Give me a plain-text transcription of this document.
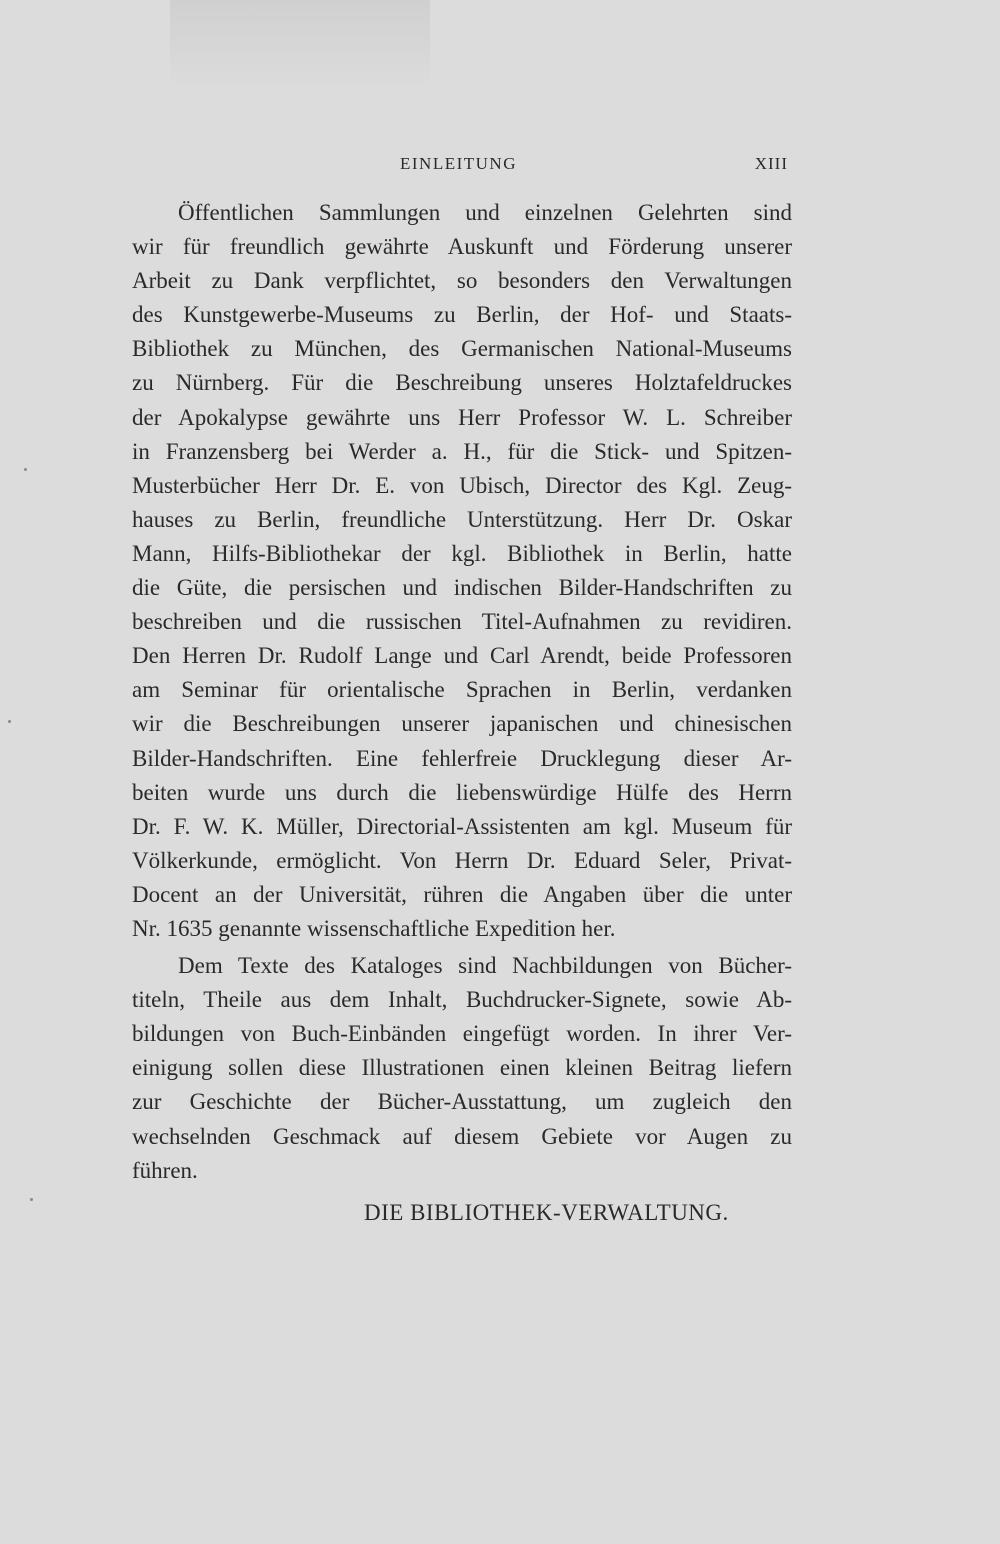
EINLEITUNG	XIII
Öffentlichen Sammlungen und einzelnen Gelehrten sind
wir für freundlich gewährte Auskunft und Förderung unserer
Arbeit zu Dank verpflichtet, so besonders den Verwaltungen
des Kunstgewerbe-Museums zu Berlin, der Hof- und Staats-
Bibliothek zu München, des Germanischen National-Museums
zu Nürnberg. Für die Beschreibung unseres Holztafeldruckes
der Apokalypse gewährte uns Herr Professor W. L. Schreiber
in Franzensberg bei Werder a. H., für die Stick- und Spitzen-
Musterbücher Herr Dr. E. von Ubisch, Director des Kgl. Zeug-
hauses zu Berlin, freundliche Unterstützung. Herr Dr. Oskar
Mann, Hilfs-Bibliothekar der kgl. Bibliothek in Berlin, hatte
die Güte, die persischen und indischen Bilder-Handschriften zu
beschreiben und die russischen Titel-Aufnahmen zu revidiren.
Den Herren Dr. Rudolf Lange und Carl Arendt, beide Professoren
am Seminar für orientalische Sprachen in Berlin, verdanken
wir die Beschreibungen unserer japanischen und chinesischen
Bilder-Handschriften. Eine fehlerfreie Drucklegung dieser Ar-
beiten wurde uns durch die liebenswürdige Hülfe des Herrn
Dr. F. W. K. Müller, Directorial-Assistenten am kgl. Museum für
Völkerkunde, ermöglicht. Von Herrn Dr. Eduard Seler, Privat-
Docent an der Universität, rühren die Angaben über die unter
Nr. 1635 genannte wissenschaftliche Expedition her.
Dem Texte des Kataloges sind Nachbildungen von Bücher-
titeln, Theile aus dem Inhalt, Buchdrucker-Signete, sowie Ab-
bildungen von Buch-Einbänden eingefügt worden. In ihrer Ver-
einigung sollen diese Illustrationen einen kleinen Beitrag liefern
zur Geschichte der Bücher-Ausstattung, um zugleich den
wechselnden Geschmack auf diesem Gebiete vor Augen zu
führen.
DIE BIBLIOTHEK-VERWALTUNG.
